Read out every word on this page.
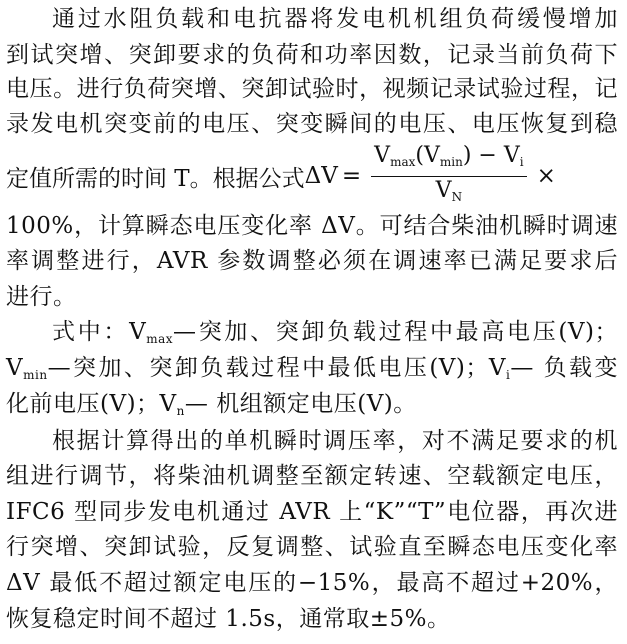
通过水阻负载和电抗器将发电机机组负荷缓慢增加
到试突增、突卸要求的负荷和功率因数，记录当前负荷下
电压。进行负荷突增、突卸试验时，视频记录试验过程，记
录发电机突变前的电压、突变瞬间的电压、电压恢复到稳
定值所需的时间 T。根据公式 $\Delta V = \frac{V_{max}(V_{min}) - V_i}{V_N}$ ×
100%，计算瞬态电压变化率 ΔV。可结合柴油机瞬时调速
率调整进行，AVR 参数调整必须在调速率已满足要求后
进行。
式中：$V_{max}—$突加、突卸负载过程中最高电压(V)；
$V_{min}—$突加、突卸负载过程中最低电压(V)；$V_i—$ 负载变
化前电压(V)；$V_n—$ 机组额定电压(V)。
根据计算得出的单机瞬时调压率，对不满足要求的机
组进行调节，将柴油机调整至额定转速、空载额定电压，
IFC6 型同步发电机通过 AVR 上“K”“T”电位器，再次进
行突增、突卸试验，反复调整、试验直至瞬态电压变化率
ΔV 最低不超过额定电压的−15%，最高不超过+20%，
恢复稳定时间不超过 1.5s，通常取±5%。
